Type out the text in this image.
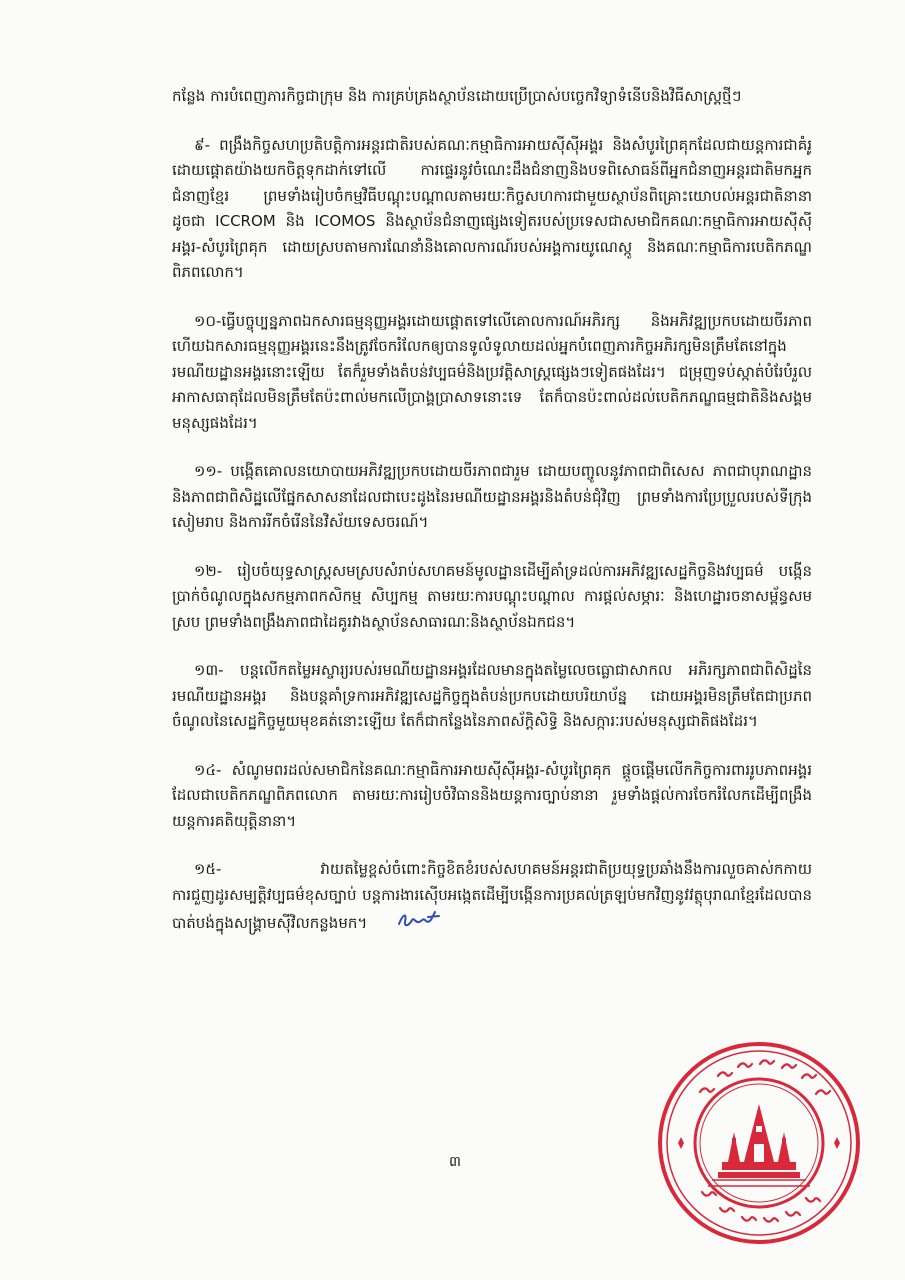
កន្លែង ការបំពេញភារកិច្ចជាក្រុម និង ការគ្រប់គ្រងស្ថាប័នដោយប្រើប្រាស់បច្ចេកវិទ្យាទំនើបនិងវិធីសាស្ត្រថ្មីៗ

៩- ពង្រឹងកិច្ចសហប្រតិបត្តិការអន្តរជាតិរបស់គណៈកម្មាធិការអាយស៊ីស៊ីអង្គរ និងសំបូរព្រៃគុកដែលជាយន្តការជាគំរូដោយផ្ដោតយ៉ាងយកចិត្តទុកដាក់ទៅលើ ការផ្ទេរនូវចំណេះដឹងជំនាញនិងបទពិសោធន៍ពីអ្នកជំនាញអន្តរជាតិមកអ្នកជំនាញខ្មែរ ព្រមទាំងរៀបចំកម្មវិធីបណ្ដុះបណ្ដាលតាមរយៈកិច្ចសហការជាមួយស្ថាប័នពិគ្រោះយោបល់អន្តរជាតិនានាដូចជា ICCROM និង ICOMOS និងស្ថាប័នជំនាញផ្សេងទៀតរបស់ប្រទេសជាសមាជិកគណៈកម្មាធិការអាយស៊ីស៊ីអង្គរ-សំបូរព្រៃគុក ដោយស្របតាមការណែនាំនិងគោលការណ៍របស់អង្គការយូណេស្កូ និងគណៈកម្មាធិការបេតិកភណ្ឌពិភពលោក។

១០-ធ្វើបច្ចុប្បន្នភាពឯកសារធម្មនុញ្ញអង្គរដោយផ្ដោតទៅលើគោលការណ៍អភិរក្ស និងអភិវឌ្ឍប្រកបដោយចីរភាព ហើយឯកសារធម្មនុញ្ញអង្គរនេះនឹងត្រូវចែករំលែកឲ្យបានទូលំទូលាយដល់អ្នកបំពេញភារកិច្ចអភិរក្សមិនត្រឹមតែនៅក្នុងរមណីយដ្ឋានអង្គរនោះឡើយ តែក៏រួមទាំងតំបន់វប្បធម៌និងប្រវត្តិសាស្ត្រផ្សេងៗទៀតផងដែរ។ ជម្រុញទប់ស្កាត់បំរែបំរួលអាកាសធាតុដែលមិនត្រឹមតែប៉ះពាល់មកលើប្រាង្គប្រាសាទនោះទេ តែក៏បានប៉ះពាល់ដល់បេតិកភណ្ឌធម្មជាតិនិងសង្គមមនុស្សផងដែរ។

១១- បង្កើតគោលនយោបាយអភិវឌ្ឍប្រកបដោយចីរភាពជារួម ដោយបញ្ចូលនូវភាពជាពិសេស ភាពជាបុរាណដ្ឋាន និងភាពជាពិសិដ្ឋលើផ្នែកសាសនាដែលជាបេះដូងនៃរមណីយដ្ឋានអង្គរនិងតំបន់ជុំវិញ ព្រមទាំងការប្រែប្រួលរបស់ទីក្រុងសៀមរាប និងការរីកចំរើននៃវិស័យទេសចរណ៍។

១២- រៀបចំយុទ្ធសាស្ត្រសមស្របសំរាប់សហគមន៍មូលដ្ឋានដើម្បីគាំទ្រដល់ការអភិវឌ្ឍសេដ្ឋកិច្ចនិងវប្បធម៌ បង្កើនប្រាក់ចំណូលក្នុងសកម្មភាពកសិកម្ម សិប្បកម្ម តាមរយៈការបណ្ដុះបណ្ដាល ការផ្ដល់សម្ភារៈ និងហេដ្ឋារចនាសម្ព័ន្ធសមស្រប ព្រមទាំងពង្រឹងភាពជាដៃគូរវាងស្ថាប័នសាធារណៈនិងស្ថាប័នឯកជន។

១៣- បន្តលើកតម្លៃអស្ចារ្យរបស់រមណីយដ្ឋានអង្គរដែលមានក្នុងតម្លៃលេចធ្លោជាសាកល អភិរក្សភាពជាពិសិដ្ឋនៃរមណីយដ្ឋានអង្គរ និងបន្តគាំទ្រការអភិវឌ្ឍសេដ្ឋកិច្ចក្នុងតំបន់ប្រកបដោយបរិយាប័ន្ន ដោយអង្គរមិនត្រឹមតែជាប្រភពចំណូលនៃសេដ្ឋកិច្ចមួយមុខគត់នោះឡើយ តែក៏ជាកន្លែងនៃភាពស័ក្ដិសិទ្ធិ និងសក្ការៈរបស់មនុស្សជាតិផងដែរ។

១៤- សំណូមពរដល់សមាជិកនៃគណៈកម្មាធិការអាយស៊ីស៊ីអង្គរ-សំបូរព្រៃគុក ផ្ដួចផ្ដើមលើកកិច្ចការពាររូបភាពអង្គរដែលជាបេតិកភណ្ឌពិភពលោក តាមរយៈការរៀបចំវិធាននិងយន្តការច្បាប់នានា រួមទាំងផ្ដល់ការចែករំលែកដើម្បីពង្រឹងយន្តការគតិយុត្តិនានា។

១៥- វាយតម្លៃខ្ពស់ចំពោះកិច្ចខិតខំរបស់សហគមន៍អន្តរជាតិប្រយុទ្ធប្រឆាំងនឹងការលួចគាស់កកាយ ការជួញដូរសម្បត្តិវប្បធម៌ខុសច្បាប់ បន្តការងារស៊ើបអង្កេតដើម្បីបង្កើនការប្រគល់ត្រឡប់មកវិញនូវវត្ថុបុរាណខ្មែរដែលបានបាត់បង់ក្នុងសង្គ្រាមស៊ីវិលកន្លងមក។

៣
